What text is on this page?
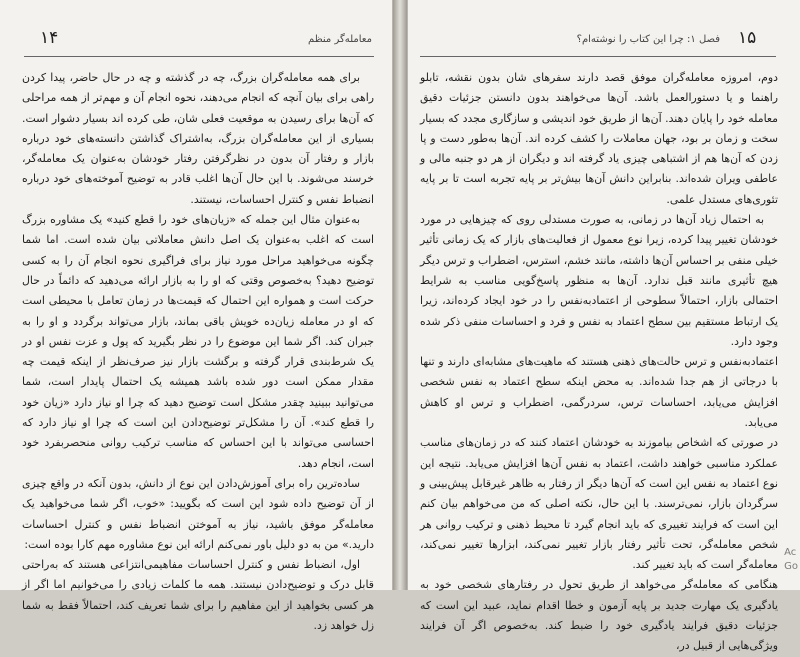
معامله‌گر منظم
۱۴

برای همه معامله‌گران بزرگ، چه در گذشته و چه در حال حاضر، پیدا کردن راهی برای بیان آنچه که انجام می‌دهند، نحوه انجام آن و مهم‌تر از همه مراحلی که آن‌ها برای رسیدن به موقعیت فعلی شان، طی کرده اند بسیار دشوار است. بسیاری از این معامله‌گران بزرگ، به‌اشتراک گذاشتن دانسته‌های خود درباره بازار و رفتار آن بدون در نظرگرفتن رفتار خودشان به‌عنوان یک معامله‌گر، خرسند می‌شوند. با این حال آن‌ها اغلب قادر به توضیح آموخته‌های خود درباره انضباط نفس و کنترل احساسات، نیستند.

به‌عنوان مثال این جمله که «زیان‌های خود را قطع کنید» یک مشاوره بزرگ است که اغلب به‌عنوان یک اصل دانش معاملاتی بیان شده است. اما شما چگونه می‌خواهید مراحل مورد نیاز برای فراگیری نحوه انجام آن را به کسی توضیح دهید؟ به‌خصوص وقتی که او را به بازار ارائه می‌دهید که دائماً در حال حرکت است و همواره این احتمال که قیمت‌ها در زمان تعامل با محیطی است که او در معامله زیان‌ده خویش باقی بماند، بازار می‌تواند برگردد و او را به جبران کند. اگر شما این موضوع را در نظر بگیرید که پول و عزت نفس او در یک شرط‌بندی قرار گرفته و برگشت بازار نیز صرف‌نظر از اینکه قیمت چه مقدار ممکن است دور شده باشد همیشه یک احتمال پایدار است، شما می‌توانید ببینید چقدر مشکل است توضیح دهید که چرا او نیاز دارد «زیان خود را قطع کند». آن را مشکل‌تر توضیح‌دادن این است که چرا او نیاز دارد که احساسی می‌تواند با این احساس که مناسب ترکیب روانی منحصربفرد خود است، انجام دهد.

ساده‌ترین راه برای آموزش‌دادن این نوع از دانش، بدون آنکه در واقع چیزی از آن توضیح داده شود این است که بگویید: «خوب، اگر شما می‌خواهید یک معامله‌گر موفق باشید، نیاز به آموختن انضباط نفس و کنترل احساسات دارید.» من به دو دلیل باور نمی‌کنم ارائه این نوع مشاوره مهم کارا بوده است:

اول، انضباط نفس و کنترل احساسات مفاهیمی‌انتزاعی هستند که به‌راحتی قابل درک و توضیح‌دادن نیستند. همه ما کلمات زیادی را می‌خوانیم اما اگر از هر کسی بخواهید از این مفاهیم را برای شما تعریف کند، احتمالاً فقط به شما زل خواهد زد.

فصل ۱: چرا این کتاب را نوشته‌ام؟ ۱۵

دوم، امروزه معامله‌گران موفق قصد دارند سفرهای شان بدون نقشه، تابلو راهنما و یا دستورالعمل باشد. آن‌ها می‌خواهند بدون دانستن جزئیات دقیق معامله خود را پایان دهند. آن‌ها از طریق خود اندیشی و سازگاری مجدد که بسیار سخت و زمان بر بود، جهان معاملات را کشف کرده اند. آن‌ها به‌طور دست و پا زدن که آن‌ها هم از اشتباهی چیزی یاد گرفته اند و دیگران از هر دو جنبه مالی و عاطفی ویران شده‌اند. بنابراین دانش آن‌ها بیش‌تر بر پایه تجربه است تا بر پایه تئوری‌های مستدل علمی.

به احتمال زیاد آن‌ها در زمانی، به صورت مستدلی روی که چیزهایی در مورد خودشان تغییر پیدا کرده، زیرا نوع معمول از فعالیت‌های بازار که یک زمانی تأثیر خیلی منفی بر احساس آن‌ها داشته، مانند خشم، استرس، اضطراب و ترس دیگر هیچ تأثیری مانند قبل ندارد. آن‌ها به منظور پاسخ‌گویی مناسب به شرایط احتمالی بازار، احتمالاً سطوحی از اعتماد‌به‌نفس را در خود ایجاد کرده‌اند، زیرا یک ارتباط مستقیم بین سطح اعتماد به نفس و فرد و احساسات منفی ذکر شده وجود دارد.

اعتماد‌به‌نفس و ترس حالت‌های ذهنی هستند که ماهیت‌های مشابه‌ای دارند و تنها با درجاتی از هم جدا شده‌اند. به محض اینکه سطح اعتماد به نفس شخصی افزایش می‌یابد، احساسات ترس، سردرگمی، اضطراب و ترس او کاهش می‌یابد.

در صورتی که اشخاص بیاموزند به خودشان اعتماد کنند که در زمان‌های مناسب عملکرد مناسبی خواهند داشت، اعتماد به نفس آن‌ها افزایش می‌یابد. نتیجه این نوع اعتماد به نفس این است که آن‌ها دیگر از رفتار به ظاهر غیرقابل پیش‌بینی و سرگردان بازار، نمی‌ترسند. با این حال، نکته اصلی که من می‌خواهم بیان کنم این است که فرایند تغییری که باید انجام گیرد تا محیط ذهنی و ترکیب روانی هر شخص معامله‌گر، تحت تأثیر رفتار بازار تغییر نمی‌کند، ابزارها تغییر نمی‌کند، معامله‌گر است که باید تغییر کند.

هنگامی که معامله‌گر می‌خواهد از طریق تحول در رفتارهای شخصی خود به یادگیری یک مهارت جدید بر پایه آزمون و خطا اقدام نماید، عبید این است که جزئیات دقیق فرایند یادگیری خود را ضبط کند. به‌خصوص اگر آن فرایند ویژگی‌هایی از قبیل در،

Ac
Go
